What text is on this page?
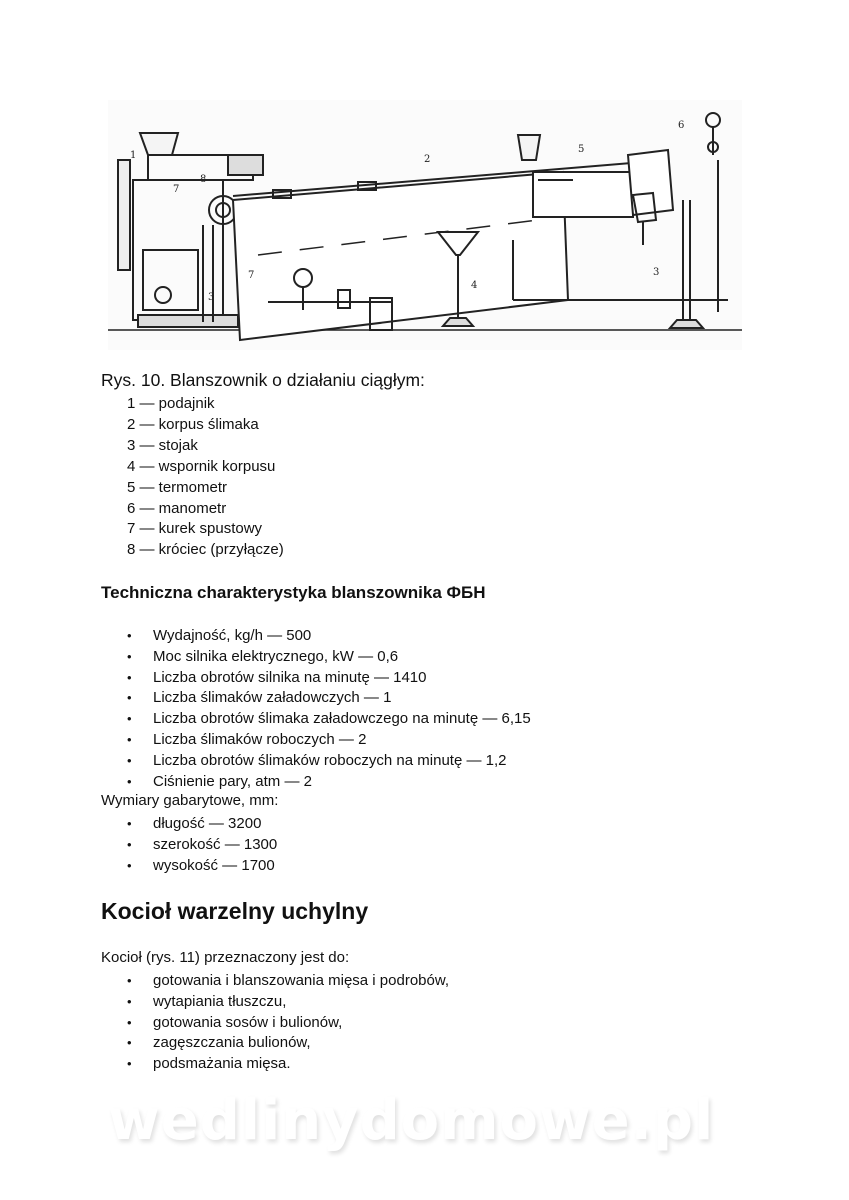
1	2
3
4
5
6
7
8
7	3
Rys. 10. Blanszownik o działaniu ciągłym:
1 — podajnik
2 — korpus ślimaka
3 — stojak
4 — wspornik korpusu
5 — termometr
6 — manometr
7 — kurek spustowy
8 — króciec (przyłącze)
Techniczna charakterystyka blanszownika ФБН
• Wydajność, kg/h — 500
• Moc silnika elektrycznego, kW — 0,6
• Liczba obrotów silnika na minutę — 1410
• Liczba ślimaków załadowczych — 1
• Liczba obrotów ślimaka załadowczego na minutę — 6,15
• Liczba ślimaków roboczych — 2
• Liczba obrotów ślimaków roboczych na minutę — 1,2
• Ciśnienie pary, atm — 2
Wymiary gabarytowe, mm:
• długość — 3200
• szerokość — 1300
• wysokość — 1700
Kocioł warzelny uchylny
Kocioł (rys. 11) przeznaczony jest do:
• gotowania i blanszowania mięsa i podrobów,
• wytapiania tłuszczu,
• gotowania sosów i bulionów,
• zagęszczania bulionów,
• podsmażania mięsa.
wedlinydomowe.pl
